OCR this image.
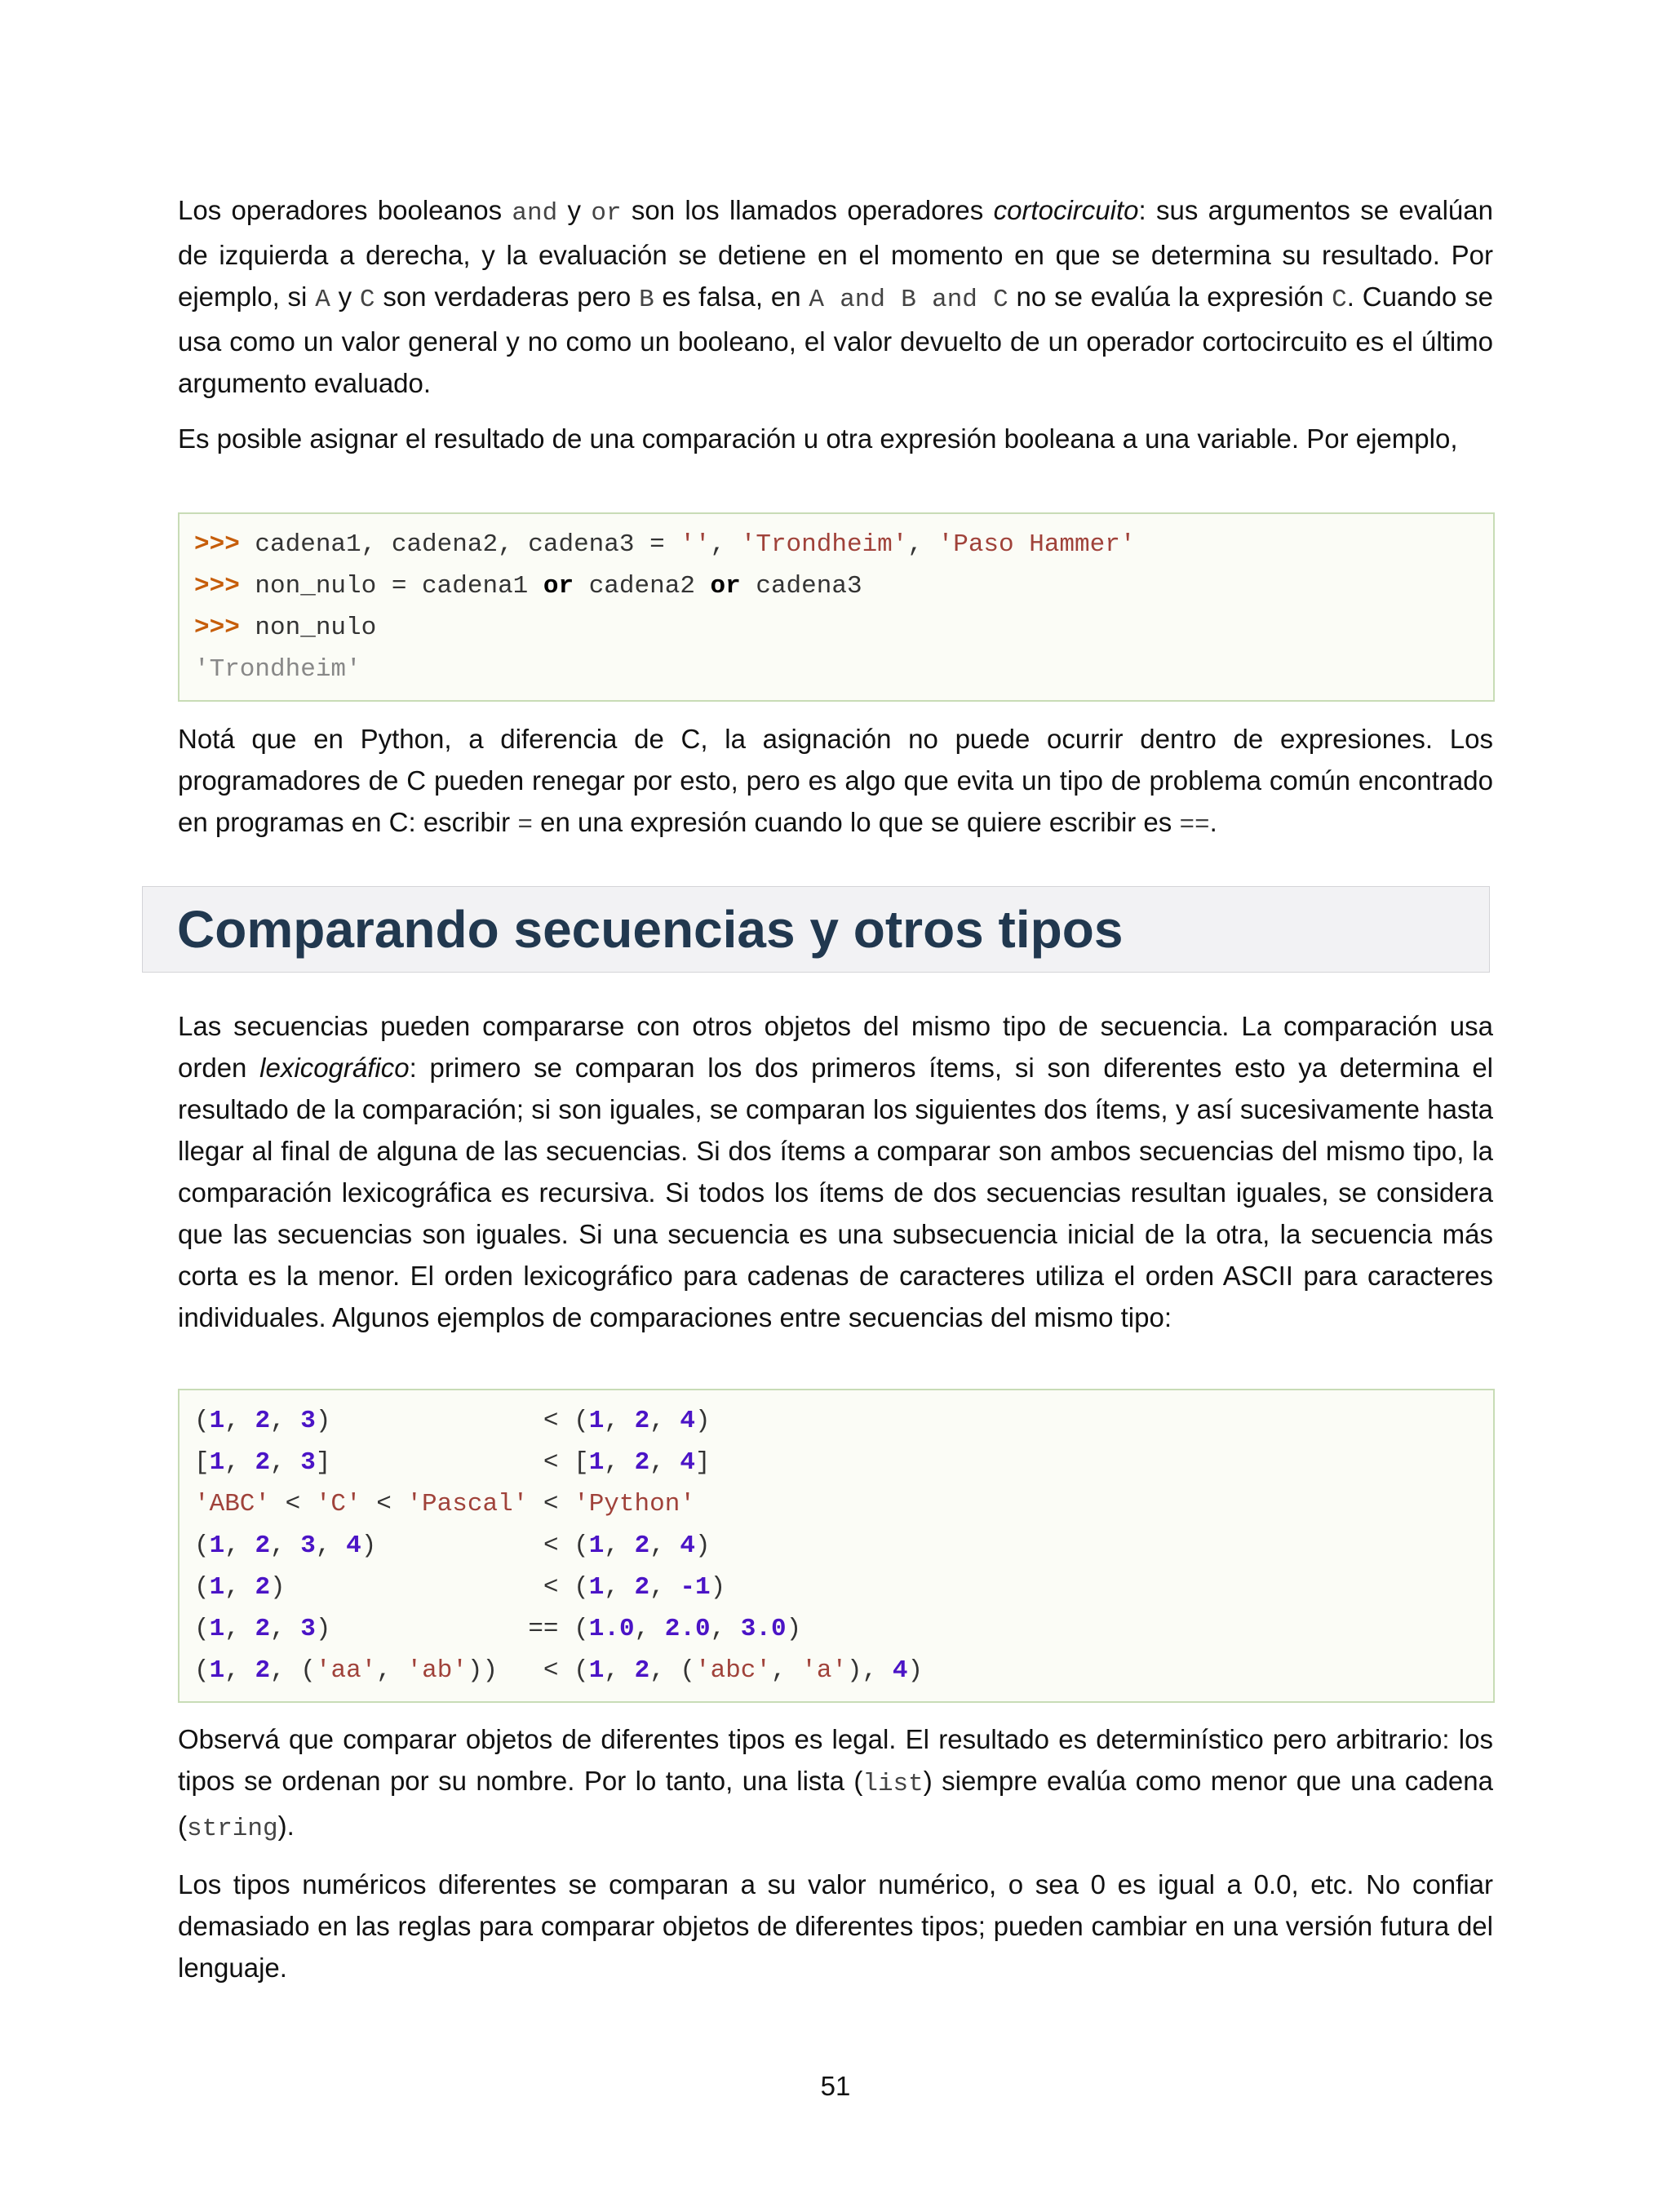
Los operadores booleanos and y or son los llamados operadores cortocircuito: sus argumentos se evalúan de izquierda a derecha, y la evaluación se detiene en el momento en que se determina su resultado. Por ejemplo, si A y C son verdaderas pero B es falsa, en A and B and C no se evalúa la expresión C. Cuando se usa como un valor general y no como un booleano, el valor devuelto de un operador cortocircuito es el último argumento evaluado.

Es posible asignar el resultado de una comparación u otra expresión booleana a una variable. Por ejemplo,

>>> cadena1, cadena2, cadena3 = '', 'Trondheim', 'Paso Hammer'
>>> non_nulo = cadena1 or cadena2 or cadena3
>>> non_nulo
'Trondheim'

Notá que en Python, a diferencia de C, la asignación no puede ocurrir dentro de expresiones. Los programadores de C pueden renegar por esto, pero es algo que evita un tipo de problema común encontrado en programas en C: escribir = en una expresión cuando lo que se quiere escribir es ==.

Las secuencias pueden compararse con otros objetos del mismo tipo de secuencia. La comparación usa orden lexicográfico: primero se comparan los dos primeros ítems, si son diferentes esto ya determina el resultado de la comparación; si son iguales, se comparan los siguientes dos ítems, y así sucesivamente hasta llegar al final de alguna de las secuencias. Si dos ítems a comparar son ambos secuencias del mismo tipo, la comparación lexicográfica es recursiva. Si todos los ítems de dos secuencias resultan iguales, se considera que las secuencias son iguales. Si una secuencia es una subsecuencia inicial de la otra, la secuencia más corta es la menor. El orden lexicográfico para cadenas de caracteres utiliza el orden ASCII para caracteres individuales. Algunos ejemplos de comparaciones entre secuencias del mismo tipo:

(1, 2, 3)              < (1, 2, 4)
[1, 2, 3]              < [1, 2, 4]
'ABC' < 'C' < 'Pascal' < 'Python'
(1, 2, 3, 4)           < (1, 2, 4)
(1, 2)                 < (1, 2, -1)
(1, 2, 3)             == (1.0, 2.0, 3.0)
(1, 2, ('aa', 'ab'))   < (1, 2, ('abc', 'a'), 4)

Observá que comparar objetos de diferentes tipos es legal. El resultado es determinístico pero arbitrario: los tipos se ordenan por su nombre. Por lo tanto, una lista (list) siempre evalúa como menor que una cadena (string).

Los tipos numéricos diferentes se comparan a su valor numérico, o sea 0 es igual a 0.0, etc. No confiar demasiado en las reglas para comparar objetos de diferentes tipos; pueden cambiar en una versión futura del lenguaje.

Comparando secuencias y otros tipos
51
